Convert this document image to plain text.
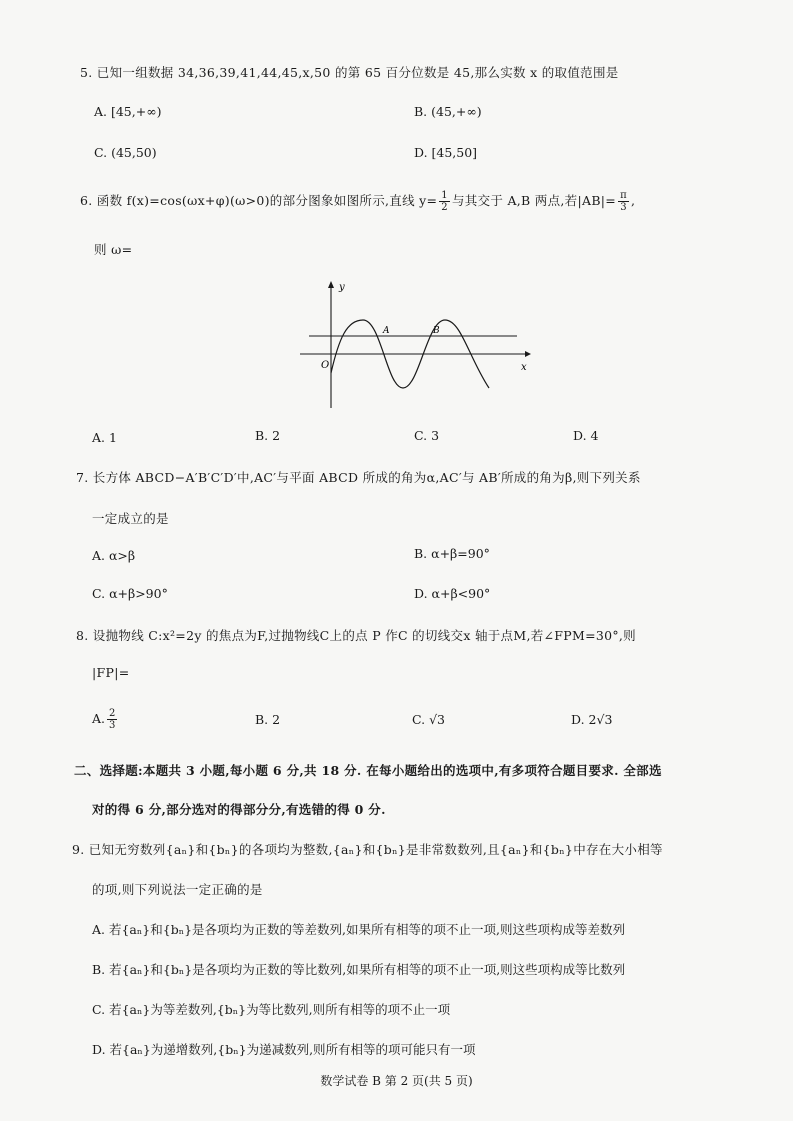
5. 已知一组数据 34,36,39,41,44,45,x,50 的第 65 百分位数是 45,那么实数 x 的取值范围是
A. [45,+∞)	B. (45,+∞)
C. (45,50)	D. [45,50]
6. 函数 f(x)=cos(ωx+φ)(ω>0)的部分图象如图所示,直线 $y= \frac{1}{2}$ 与其交于 A,B 两点,若$|AB|= \frac{\pi}{3}$ ,
则 ω=
y
x
O
A	B
A. 1	B. 2	C. 3	D. 4
7. 长方体 ABCD−A′B′C′D′中,AC′与平面 ABCD 所成的角为α,AC′与 AB′所成的角为β,则下列关系
一定成立的是
A. α>β	B. α+β=90°
C. α+β>90°	D. α+β<90°
8. 设抛物线 C:x²=2y 的焦点为F,过抛物线C上的点 P 作C 的切线交x 轴于点M,若∠FPM=30°,则
|FP|=
A. $\frac{2}{3}$	B. 2	C. √3	D. 2√3
二、选择题:本题共 3 小题,每小题 6 分,共 18 分. 在每小题给出的选项中,有多项符合题目要求. 全部选
对的得 6 分,部分选对的得部分分,有选错的得 0 分.
9. 已知无穷数列{aₙ}和{bₙ}的各项均为整数,{aₙ}和{bₙ}是非常数数列,且{aₙ}和{bₙ}中存在大小相等
的项,则下列说法一定正确的是
A. 若{aₙ}和{bₙ}是各项均为正数的等差数列,如果所有相等的项不止一项,则这些项构成等差数列
B. 若{aₙ}和{bₙ}是各项均为正数的等比数列,如果所有相等的项不止一项,则这些项构成等比数列
C. 若{aₙ}为等差数列,{bₙ}为等比数列,则所有相等的项不止一项
D. 若{aₙ}为递增数列,{bₙ}为递减数列,则所有相等的项可能只有一项
数学试卷 B 第 2 页(共 5 页)
